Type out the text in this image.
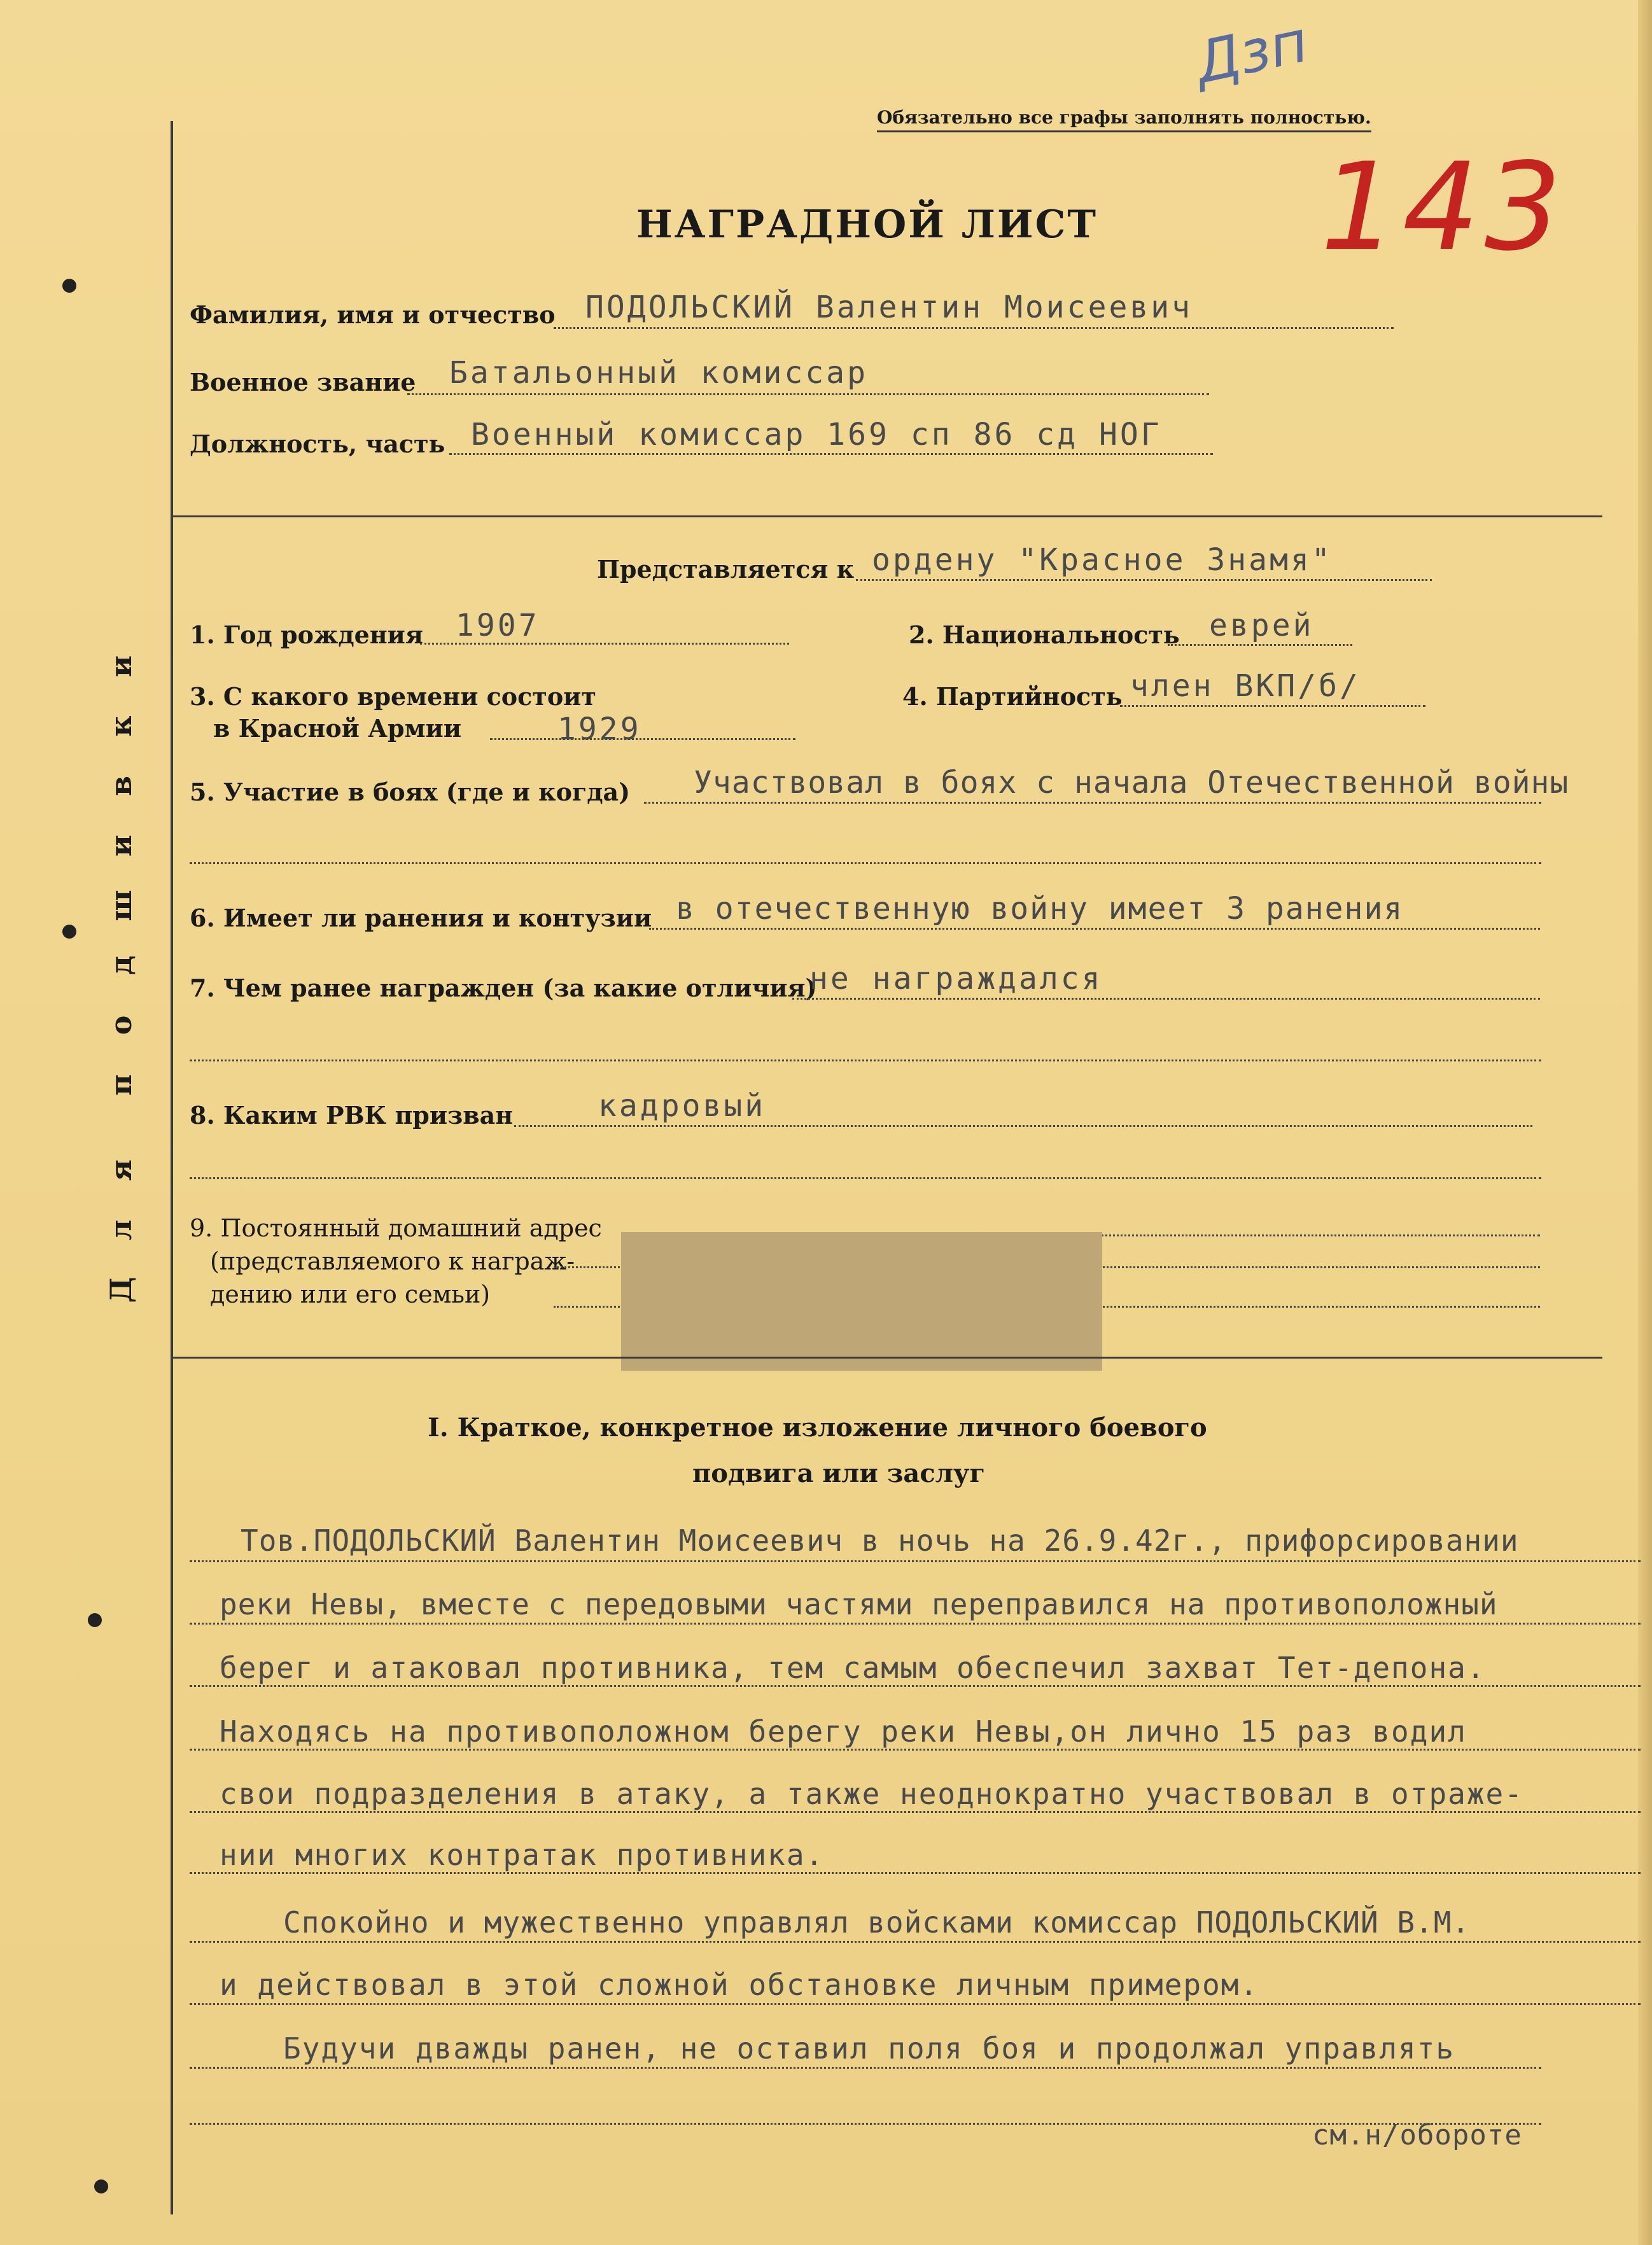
Дзп
Обязательно все графы заполнять полностью.
143
и
к
в
и
ш
д
о
п
я
л
Д
НАГРАДНОЙ ЛИСТ
Фамилия, имя и отчество ПОДОЛЬСКИЙ Валентин Моисеевич
Военное звание Батальонный комиссар
Должность, часть Военный комиссар 169 сп 86 сд НОГ
Представляется к ордену "Красное Знамя"
1. Год рождения 1907	2. Национальность еврей
3. С какого времени состоит
в Красной Армии	1929
4. Партийность член ВКП/б/
5. Участие в боях (где и когда) Участвовал в боях с начала Отечественной войны
6. Имеет ли ранения и контузии в отечественную войну имеет 3 ранения
7. Чем ранее награжден (за какие отличия)
не награждался
8. Каким РВК призван	кадровый
9. Постоянный домашний адрес
(представляемого к награж-
дению или его семьи)
I. Краткое, конкретное изложение личного боевого
подвига или заслуг
Тов.ПОДОЛЬСКИЙ Валентин Моисеевич в ночь на 26.9.42г., прифорсировании
реки Невы, вместе с передовыми частями переправился на противоположный
берег и атаковал противника, тем самым обеспечил захват Тет-депона.
Находясь на противоположном берегу реки Невы,он лично 15 раз водил
свои подразделения в атаку, а также неоднократно участвовал в отраже-
нии многих контратак противника.
Спокойно и мужественно управлял войсками комиссар ПОДОЛЬСКИЙ В.М.
и действовал в этой сложной обстановке личным примером.
Будучи дважды ранен, не оставил поля боя и продолжал управлять
см.н/обороте
